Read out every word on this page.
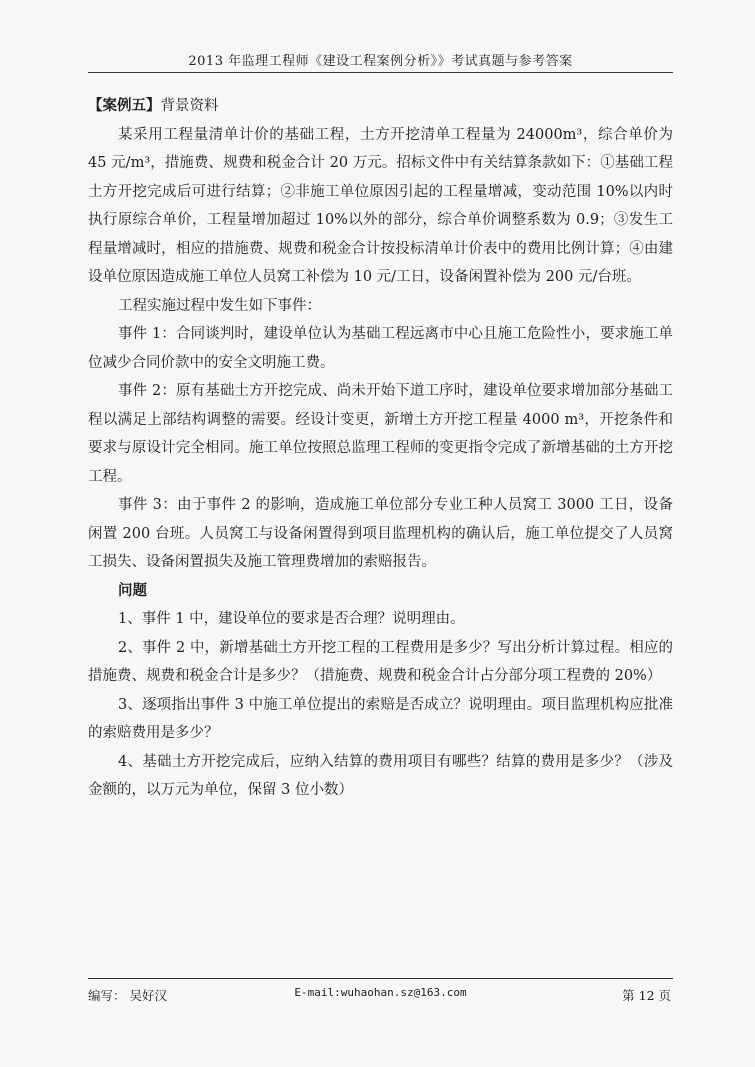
2013 年监理工程师《建设工程案例分析》》考试真题与参考答案

【案例五】背景资料

某采用工程量清单计价的基础工程，土方开挖清单工程量为 24000m³，综合单价为 45 元/m³，措施费、规费和税金合计 20 万元。招标文件中有关结算条款如下：①基础工程土方开挖完成后可进行结算；②非施工单位原因引起的工程量增减，变动范围 10%以内时执行原综合单价，工程量增加超过 10%以外的部分，综合单价调整系数为 0.9；③发生工程量增减时，相应的措施费、规费和税金合计按投标清单计价表中的费用比例计算；④由建设单位原因造成施工单位人员窝工补偿为 10 元/工日，设备闲置补偿为 200 元/台班。

工程实施过程中发生如下事件：

事件 1：合同谈判时，建设单位认为基础工程远离市中心且施工危险性小，要求施工单位减少合同价款中的安全文明施工费。

事件 2：原有基础土方开挖完成、尚未开始下道工序时，建设单位要求增加部分基础工程以满足上部结构调整的需要。经设计变更，新增土方开挖工程量 4000 m³，开挖条件和要求与原设计完全相同。施工单位按照总监理工程师的变更指令完成了新增基础的土方开挖工程。

事件 3：由于事件 2 的影响，造成施工单位部分专业工种人员窝工 3000 工日，设备闲置 200 台班。人员窝工与设备闲置得到项目监理机构的确认后，施工单位提交了人员窝工损失、设备闲置损失及施工管理费增加的索赔报告。

问题

1、事件 1 中，建设单位的要求是否合理？说明理由。

2、事件 2 中，新增基础土方开挖工程的工程费用是多少？写出分析计算过程。相应的措施费、规费和税金合计是多少？（措施费、规费和税金合计占分部分项工程费的 20%）

3、逐项指出事件 3 中施工单位提出的索赔是否成立？说明理由。项目监理机构应批准的索赔费用是多少？

4、基础土方开挖完成后，应纳入结算的费用项目有哪些？结算的费用是多少？（涉及金额的，以万元为单位，保留 3 位小数）

编写： 吴好汉	E-mail:wuhaohan.sz@163.com	第 12 页
